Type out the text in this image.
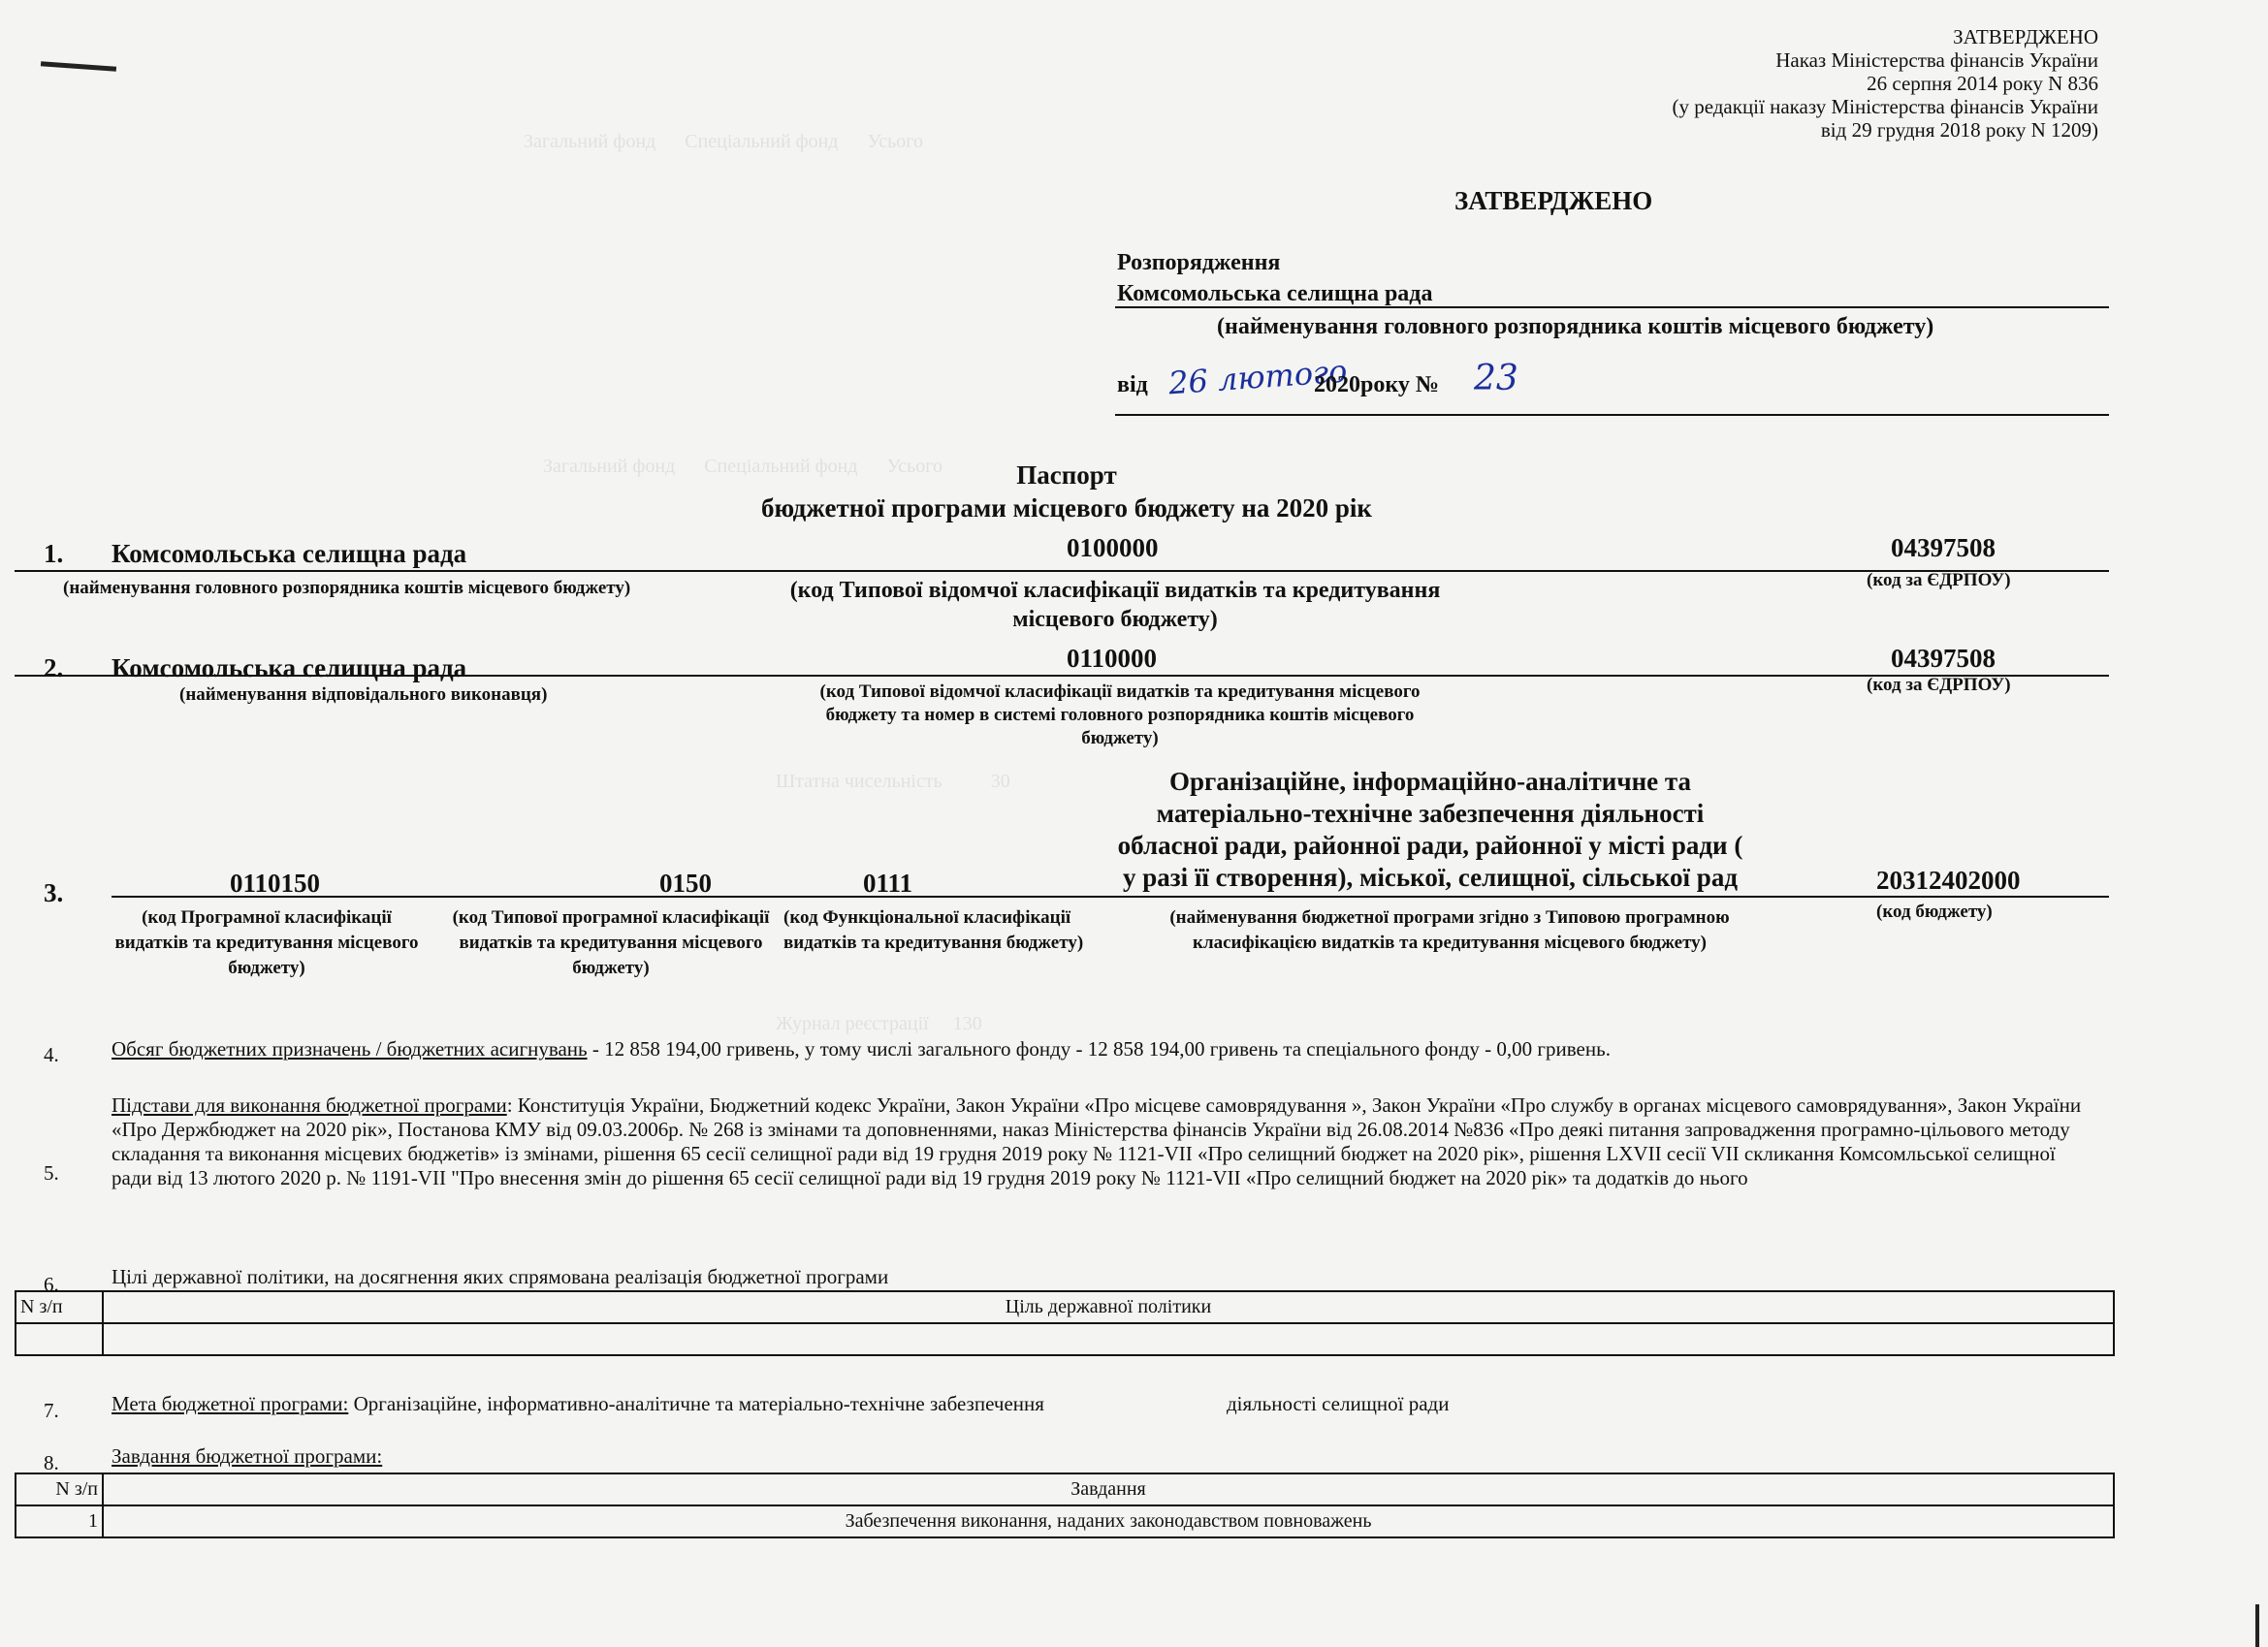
Загальний фонд      Спеціальний фонд      Усього
Загальний фонд      Спеціальний фонд      Усього
Штатна чисельність          30
Журнал реєстрації     130
ЗАТВЕРДЖЕНО
Наказ Міністерства фінансів України
26 серпня 2014 року N 836
(у редакції наказу Міністерства фінансів України
від 29 грудня 2018 року N 1209)
ЗАТВЕРДЖЕНО
Розпорядження
Комсомольська селищна рада
(найменування головного розпорядника коштів місцевого бюджету)
від 26 лютого
2020року № 23
Паспорт
бюджетної програми місцевого бюджету на 2020 рік
1. Комсомольська селищна рада	0100000	04397508
(найменування головного розпорядника коштів місцевого бюджету)	(код Типової відомчої класифікації видатків та кредитування місцевого бюджету)
(код за ЄДРПОУ)
2. Комсомольська селищна рада	0110000	04397508
(найменування відповідального виконавця)	(код Типової відомчої класифікації видатків та кредитування місцевого бюджету та номер в системі головного розпорядника коштів місцевого бюджету)
(код за ЄДРПОУ)
3.	0110150	0150	0111
Організаційне, інформаційно-аналітичне та матеріально-технічне забезпечення діяльності обласної ради, районної ради, районної у місті ради ( у разі її створення), міської, селищної, сільської рад	20312402000
(код Програмної класифікації видатків та кредитування місцевого бюджету)
(код Типової програмної класифікації видатків та кредитування місцевого бюджету)
(код Функціональної класифікації видатків та кредитування бюджету)
(найменування бюджетної програми згідно з Типовою програмною класифікацією видатків та кредитування місцевого бюджету)
(код бюджету)
4.	Обсяг бюджетних призначень / бюджетних асигнувань - 12 858 194,00 гривень, у тому числі загального фонду - 12 858 194,00 гривень та спеціального фонду - 0,00 гривень.
5.
Підстави для виконання бюджетної програми: Конституція України, Бюджетний кодекс України, Закон України «Про місцеве самоврядування », Закон України «Про службу в органах місцевого самоврядування», Закон України «Про Держбюджет на 2020 рік», Постанова КМУ від 09.03.2006р. № 268 із змінами та доповненнями, наказ Міністерства фінансів України від 26.08.2014 №836 «Про деякі питання запровадження програмно-цільового методу складання та виконання місцевих бюджетів» із змінами, рішення 65 сесії селищної ради від 19 грудня 2019 року № 1121-VII «Про селищний бюджет на 2020 рік», рішення LXVII сесії VII скликання Комсомльської селищної ради від 13 лютого 2020 р. № 1191-VII "Про внесення змін до рішення 65 сесії селищної ради від 19 грудня 2019 року № 1121-VII «Про селищний бюджет на 2020 рік» та додатків до нього
6.	Цілі державної політики, на досягнення яких спрямована реалізація бюджетної програми
N з/п	Ціль державної політики

7.	Мета бюджетної програми: Організаційне, інформативно-аналітичне та матеріально-технічне забезпечення	діяльності селищної ради
8.	Завдання бюджетної програми:
N з/п	Завдання
1	Забезпечення виконання, наданих законодавством повноважень
